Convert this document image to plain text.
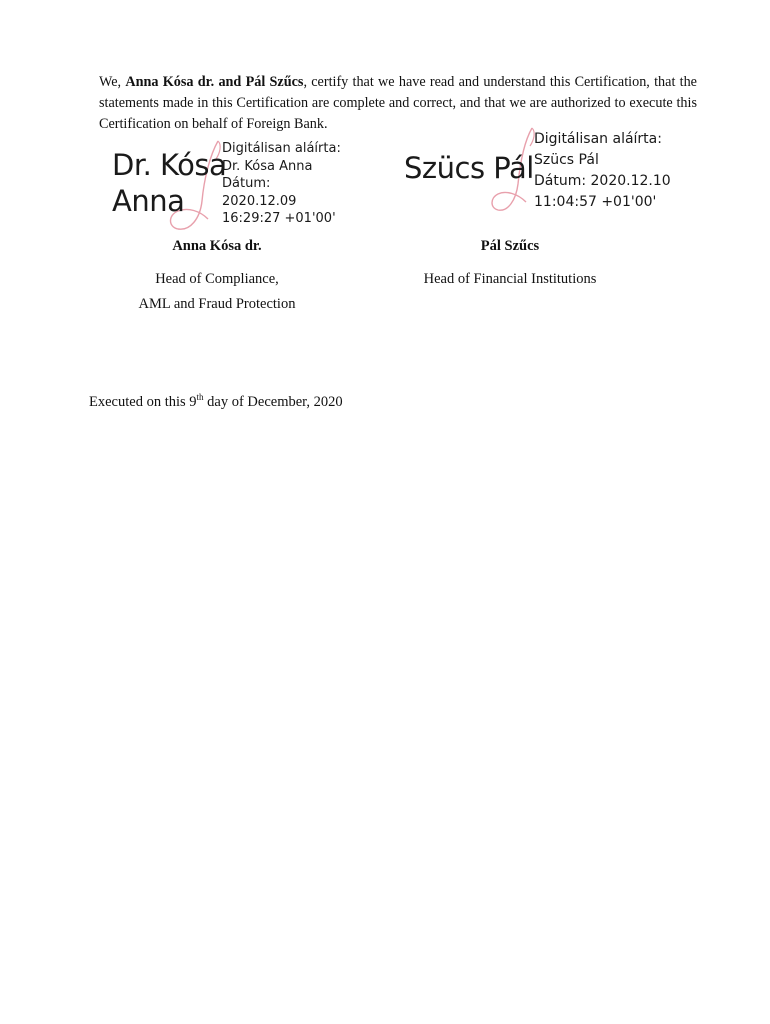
We, Anna Kósa dr. and Pál Szűcs, certify that we have read and understand this Certification, that the statements made in this Certification are complete and correct, and that we are authorized to execute this Certification on behalf of Foreign Bank.

Dr. Kósa
Anna
Digitálisan aláírta:
Dr. Kósa Anna
Dátum:
2020.12.09
16:29:27 +01'00'
Szücs Pál
Digitálisan aláírta:
Szücs Pál
Dátum: 2020.12.10
11:04:57 +01'00'
Anna Kósa dr.
Head of Compliance,
AML and Fraud Protection
Pál Szűcs
Head of Financial Institutions

Executed on this 9th day of December, 2020
